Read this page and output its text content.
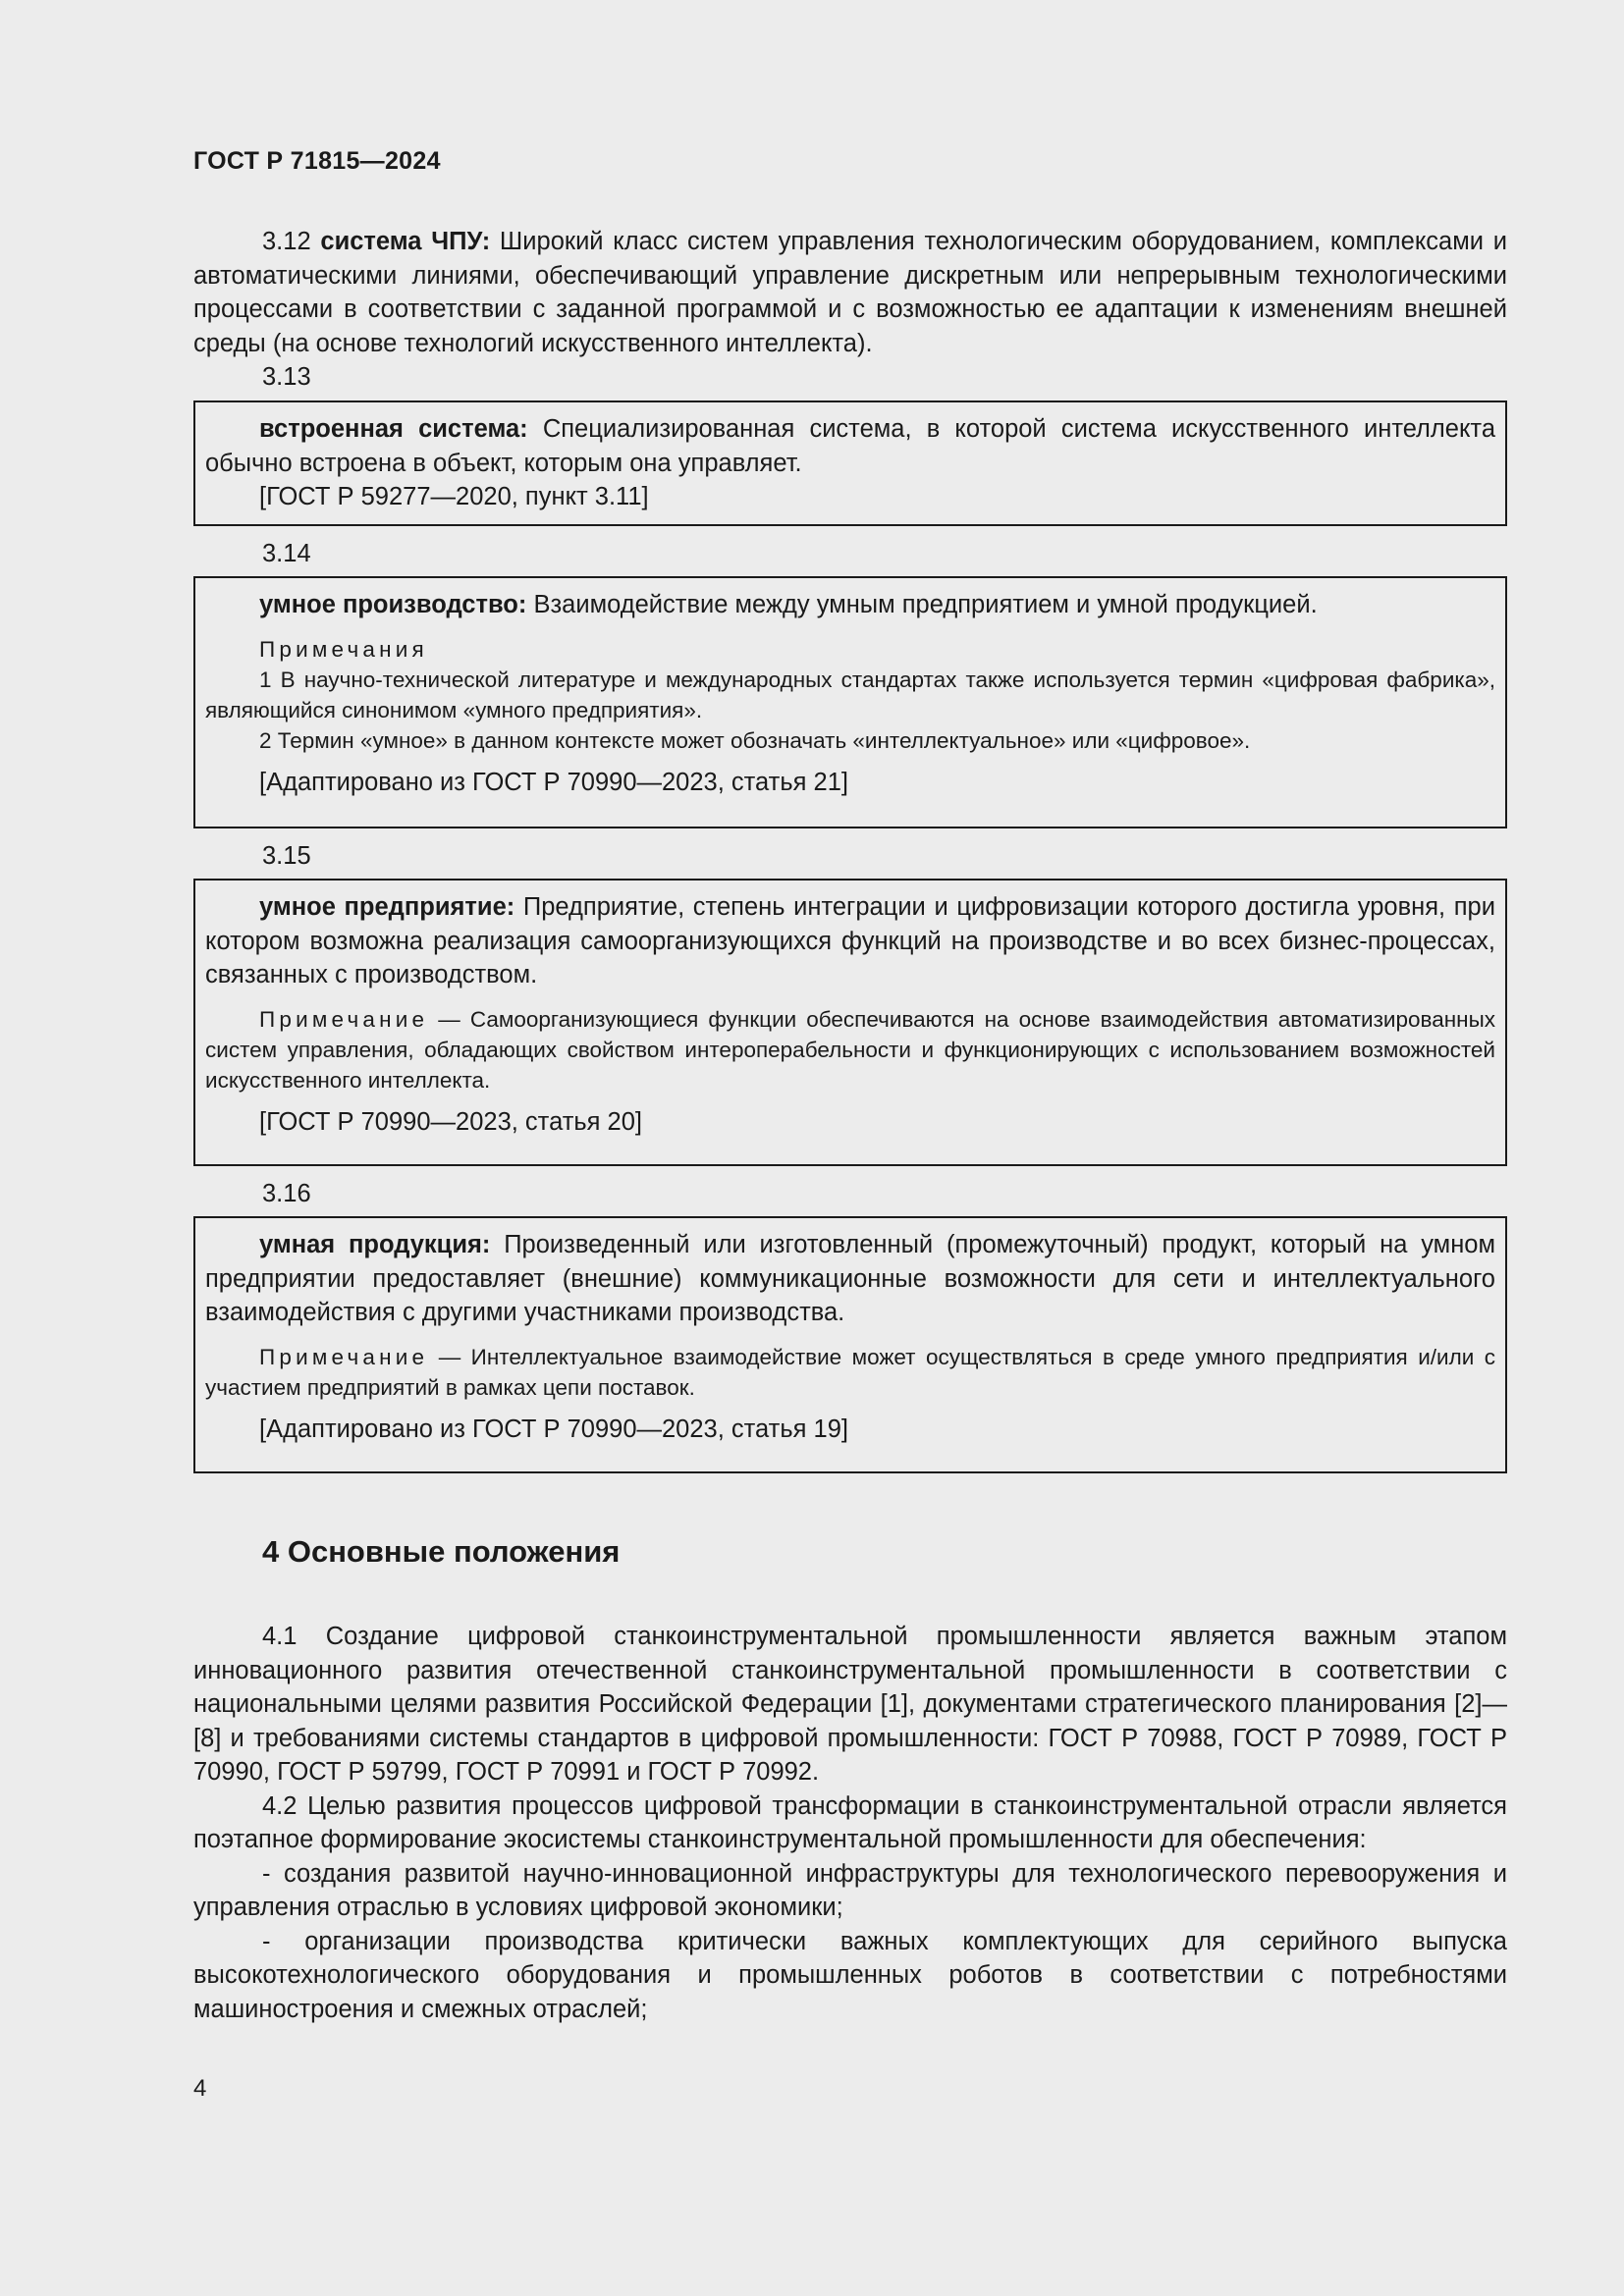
ГОСТ Р 71815—2024

3.12 система ЧПУ: Широкий класс систем управления технологическим оборудованием, комплексами и автоматическими линиями, обеспечивающий управление дискретным или непрерывным технологическими процессами в соответствии с заданной программой и с возможностью ее адаптации к изменениям внешней среды (на основе технологий искусственного интеллекта).

3.13

встроенная система: Специализированная система, в которой система искусственного интеллекта обычно встроена в объект, которым она управляет.

[ГОСТ Р 59277—2020, пункт 3.11]

3.14

умное производство: Взаимодействие между умным предприятием и умной продукцией.

Примечания

1 В научно-технической литературе и международных стандартах также используется термин «цифровая фабрика», являющийся синонимом «умного предприятия».

2 Термин «умное» в данном контексте может обозначать «интеллектуальное» или «цифровое».

[Адаптировано из ГОСТ Р 70990—2023, статья 21]

3.15

умное предприятие: Предприятие, степень интеграции и цифровизации которого достигла уровня, при котором возможна реализация самоорганизующихся функций на производстве и во всех бизнес-процессах, связанных с производством.

Примечание — Самоорганизующиеся функции обеспечиваются на основе взаимодействия автоматизированных систем управления, обладающих свойством интероперабельности и функционирующих с использованием возможностей искусственного интеллекта.

[ГОСТ Р 70990—2023, статья 20]

3.16

умная продукция: Произведенный или изготовленный (промежуточный) продукт, который на умном предприятии предоставляет (внешние) коммуникационные возможности для сети и интеллектуального взаимодействия с другими участниками производства.

Примечание — Интеллектуальное взаимодействие может осуществляться в среде умного предприятия и/или с участием предприятий в рамках цепи поставок.

[Адаптировано из ГОСТ Р 70990—2023, статья 19]

4 Основные положения

4.1 Создание цифровой станкоинструментальной промышленности является важным этапом инновационного развития отечественной станкоинструментальной промышленности в соответствии с национальными целями развития Российской Федерации [1], документами стратегического планирования [2]—[8] и требованиями системы стандартов в цифровой промышленности: ГОСТ Р 70988, ГОСТ Р 70989, ГОСТ Р 70990, ГОСТ Р 59799, ГОСТ Р 70991 и ГОСТ Р 70992.

4.2 Целью развития процессов цифровой трансформации в станкоинструментальной отрасли является поэтапное формирование экосистемы станкоинструментальной промышленности для обеспечения:

- создания развитой научно-инновационной инфраструктуры для технологического перевооружения и управления отраслью в условиях цифровой экономики;

- организации производства критически важных комплектующих для серийного выпуска высокотехнологического оборудования и промышленных роботов в соответствии с потребностями машиностроения и смежных отраслей;

4
